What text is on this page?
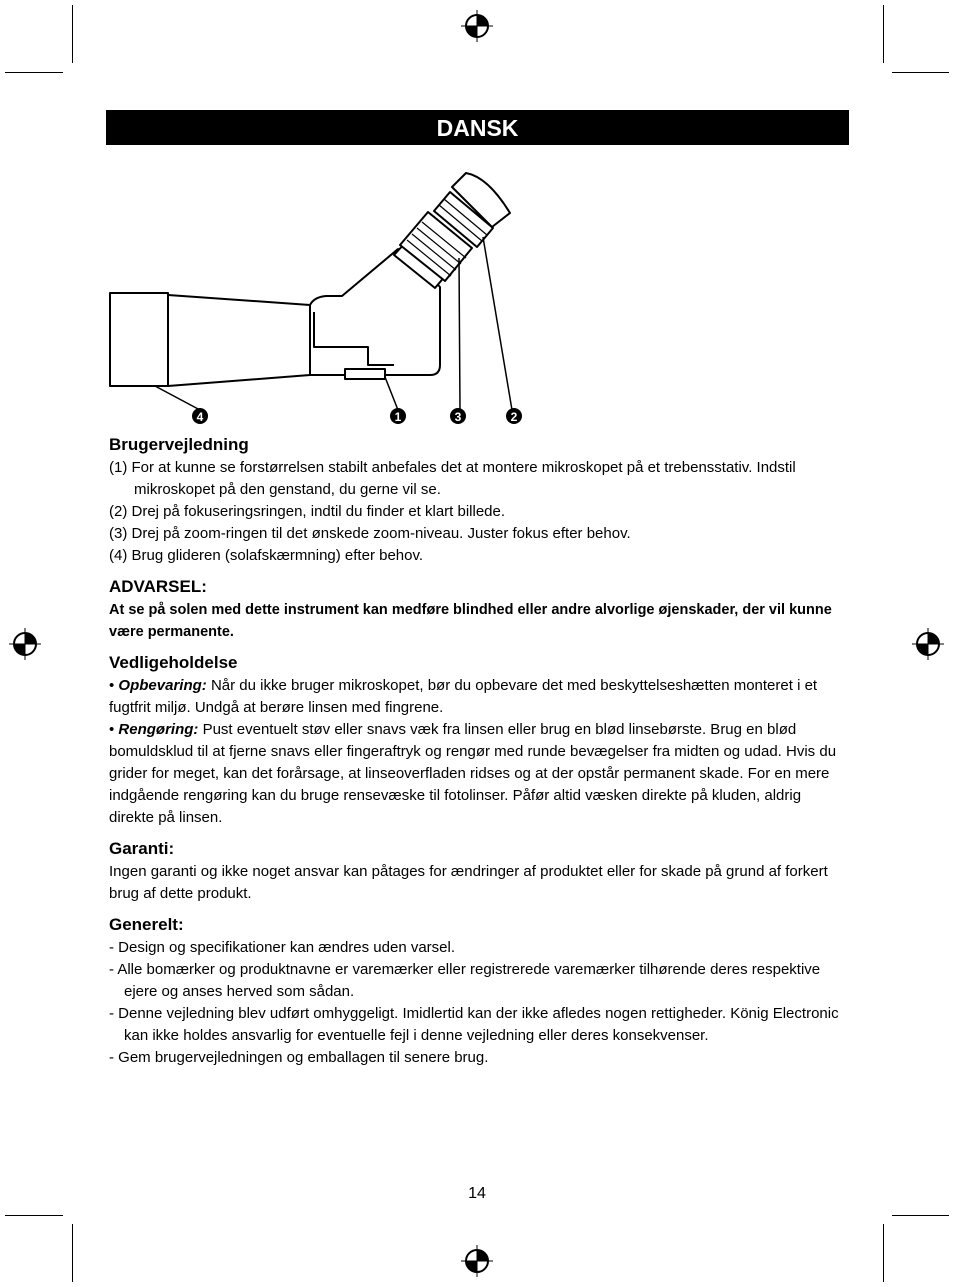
DANSK
4	1	3	2
Brugervejledning
(1) For at kunne se forstørrelsen stabilt anbefales det at montere mikroskopet på et trebensstativ. Indstil mikroskopet på den genstand, du gerne vil se.
(2) Drej på fokuseringsringen, indtil du finder et klart billede.
(3) Drej på zoom-ringen til det ønskede zoom-niveau. Juster fokus efter behov.
(4) Brug glideren (solafskærmning) efter behov.
ADVARSEL:

At se på solen med dette instrument kan medføre blindhed eller andre alvorlige øjenskader, der vil kunne være permanente.

Vedligeholdelse

• Opbevaring: Når du ikke bruger mikroskopet, bør du opbevare det med beskyttelseshætten monteret i et fugtfrit miljø. Undgå at berøre linsen med fingrene.

• Rengøring: Pust eventuelt støv eller snavs væk fra linsen eller brug en blød linsebørste. Brug en blød bomuldsklud til at fjerne snavs eller fingeraftryk og rengør med runde bevægelser fra midten og udad. Hvis du grider for meget, kan det forårsage, at linseoverfladen ridses og at der opstår permanent skade. For en mere indgående rengøring kan du bruge rensevæske til fotolinser. Påfør altid væsken direkte på kluden, aldrig direkte på linsen.

Garanti:

Ingen garanti og ikke noget ansvar kan påtages for ændringer af produktet eller for skade på grund af forkert brug af dette produkt.

Generelt:
- Design og specifikationer kan ændres uden varsel.
- Alle bomærker og produktnavne er varemærker eller registrerede varemærker tilhørende deres respektive ejere og anses herved som sådan.
- Denne vejledning blev udført omhyggeligt. Imidlertid kan der ikke afledes nogen rettigheder. König Electronic kan ikke holdes ansvarlig for eventuelle fejl i denne vejledning eller deres konsekvenser.
- Gem brugervejledningen og emballagen til senere brug.
14
